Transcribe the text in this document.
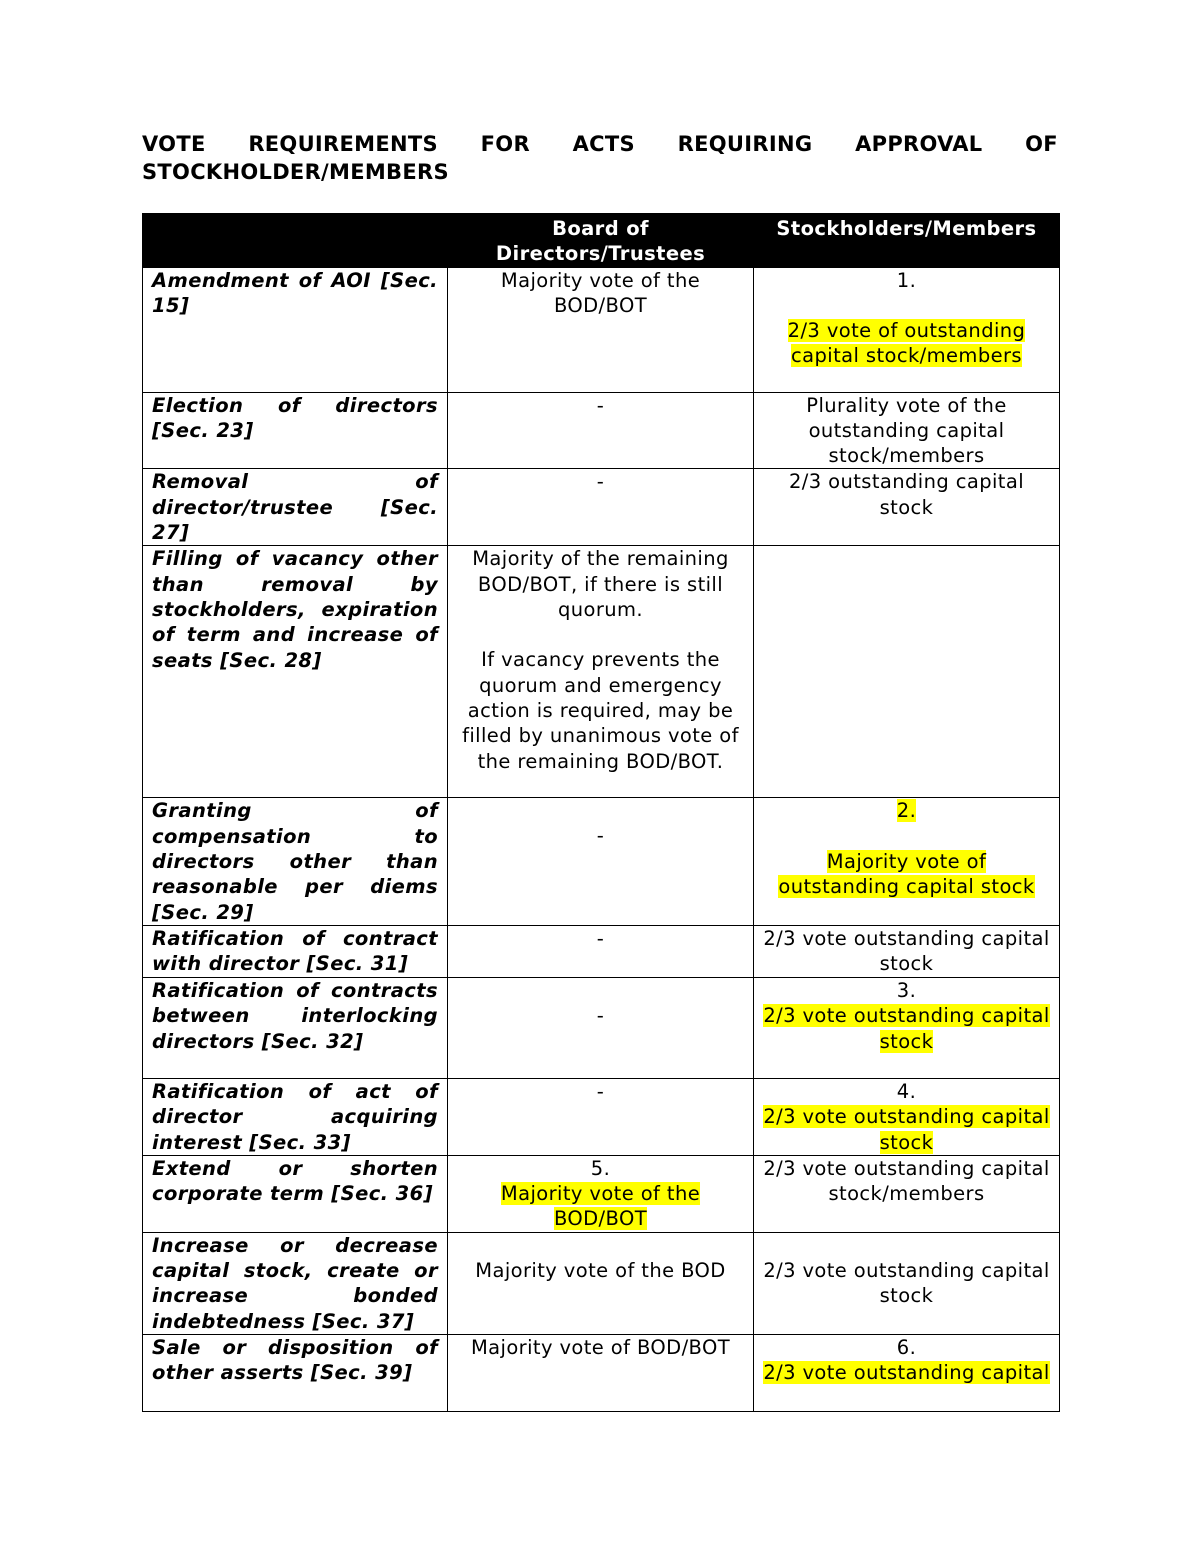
VOTE REQUIREMENTS FOR ACTS REQUIRING APPROVAL OF
STOCKHOLDER/MEMBERS
	Board of Directors/Trustees	Stockholders/Members
Amendment of AOI [Sec. 15]	Majority vote of the BOD/BOT	1.
2/3 vote of outstanding capital stock/members
Election of directors [Sec. 23]	-	Plurality vote of the outstanding capital stock/members
Removal of director/trustee [Sec. 27]	-	2/3 outstanding capital stock
Filling of vacancy other than removal by stockholders, expiration of term and increase of seats [Sec. 28]	Majority of the remaining BOD/BOT, if there is still quorum.
If vacancy prevents the quorum and emergency action is required, may be filled by unanimous vote of the remaining BOD/BOT.	

Granting of compensation to directors other than reasonable per diems [Sec. 29]	-	2.
Majority vote of outstanding capital stock
Ratification of contract with director [Sec. 31]	-	2/3 vote outstanding capital stock
Ratification of contracts between interlocking directors [Sec. 32]	-	3.
2/3 vote outstanding capital stock
Ratification of act of director acquiring interest [Sec. 33]	-	4.
2/3 vote outstanding capital stock
Extend or shorten corporate term [Sec. 36]	5.
Majority vote of the BOD/BOT	2/3 vote outstanding capital stock/members
Increase or decrease capital stock, create or increase bonded indebtedness [Sec. 37]	Majority vote of the BOD	2/3 vote outstanding capital stock
Sale or disposition of other asserts [Sec. 39]	Majority vote of BOD/BOT	6.
2/3 vote outstanding capital
